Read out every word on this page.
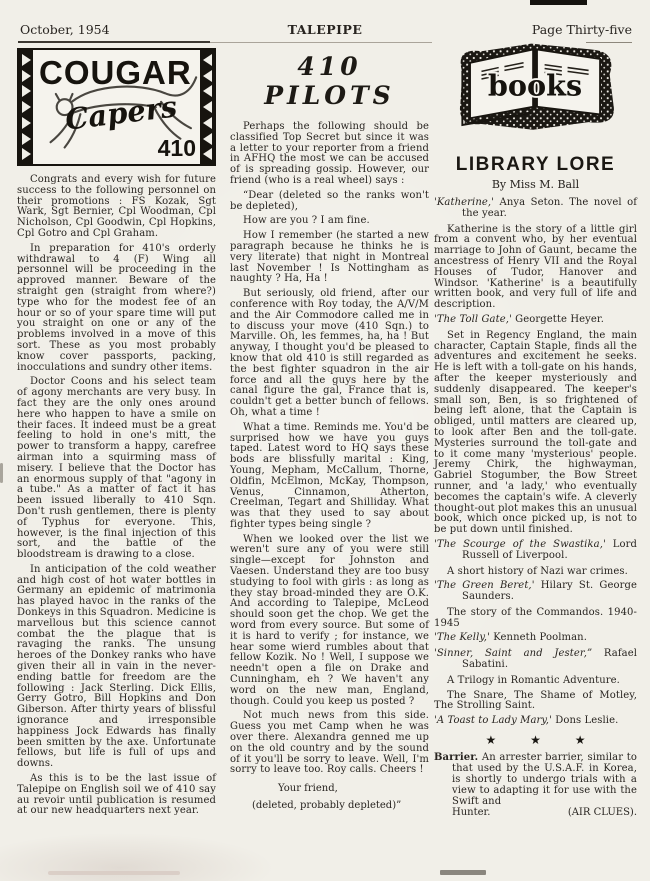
October, 1954	TALEPIPE	Page Thirty-five
COUGAR
Capers
410

Congrats and every wish for future success to the following personnel on their promotions : FS Kozak, Sgt Wark, Sgt Bernier, Cpl Woodman, Cpl Nicholson, Cpl Goodwin, Cpl Hopkins, Cpl Gotro and Cpl Graham.

In preparation for 410's orderly withdrawal to 4 (F) Wing all personnel will be proceeding in the approved manner. Beware of the straight gen (straight from where?) type who for the modest fee of an hour or so of your spare time will put you straight on one or any of the problems involved in a move of this sort. These as you most probably know cover passports, packing, inocculations and sundry other items.

Doctor Coons and his select team of agony merchants are very busy. In fact they are the only ones around here who happen to have a smile on their faces. It indeed must be a great feeling to hold in one's mitt, the power to transform a happy, carefree airman into a squirming mass of misery. I believe that the Doctor has an enormous supply of that "agony in a tube." As a matter of fact it has been issued liberally to 410 Sqn. Don't rush gentlemen, there is plenty of Typhus for everyone. This, however, is the final injection of this sort, and the battle of the bloodstream is drawing to a close.

In anticipation of the cold weather and high cost of hot water bottles in Germany an epidemic of matrimonia has played havoc in the ranks of the Donkeys in this Squadron. Medicine is marvellous but this science cannot combat the the plague that is ravaging the ranks. The unsung heroes of the Donkey ranks who have given their all in vain in the never-ending battle for freedom are the following : Jack Sterling. Dick Ellis, Gerry Gotro, Bill Hopkins and Don Giberson. After thirty years of blissful ignorance and irresponsible happiness Jock Edwards has finally been smitten by the axe. Unfortunate fellows, but life is full of ups and downs.

As this is to be the last issue of Talepipe on English soil we of 410 say au revoir until publication is resumed at our new headquarters next year.

410 PILOTS

Perhaps the following should be classified Top Secret but since it was a letter to your reporter from a friend in AFHQ the most we can be accused of is spreading gossip. However, our friend (who is a real wheel) says :

“Dear (deleted so the ranks won't be depleted),

How are you ? I am fine.

How I remember (he started a new paragraph because he thinks he is very literate) that night in Montreal last November ! Is Nottingham as naughty ? Ha, Ha !

But seriously, old friend, after our conference with Roy today, the A/V/M and the Air Commodore called me in to discuss your move (410 Sqn.) to Marville. Oh, les femmes, ha, ha ! But anyway, I thought you'd be pleased to know that old 410 is still regarded as the best fighter squadron in the air force and all the guys here by the canal figure the gal, France that is, couldn't get a better bunch of fellows. Oh, what a time !

What a time. Reminds me. You'd be surprised how we have you guys taped. Latest word to HQ says these bods are blissfully marital : King, Young, Mepham, McCallum, Thorne, Oldfin, McElmon, McKay, Thompson, Venus, Cinnamon, Atherton, Creelman, Tegart and Shilliday. What was that they used to say about fighter types being single ?

When we looked over the list we weren't sure any of you were still single—except for Johnston and Vaesen. Understand they are too busy studying to fool with girls : as long as they stay broad-minded they are O.K. And according to Talepipe, McLeod should soon get the chop. We get the word from every source. But some of it is hard to verify ; for instance, we hear some wierd rumbles about that fellow Kozik. No ! Well, I suppose we needn't open a file on Drake and Cunningham, eh ? We haven't any word on the new man, England, though. Could you keep us posted ?

Not much news from this side. Guess you met Camp when he was over there. Alexandra genned me up on the old country and by the sound of it you'll be sorry to leave. Well, I'm sorry to leave too. Roy calls. Cheers !

Your friend,
(deleted, probably depleted)”
books
LIBRARY LORE
By Miss M. Ball

'Katherine,' Anya Seton. The novel of the year.

Katherine is the story of a little girl from a convent who, by her eventual marriage to John of Gaunt, became the ancestress of Henry VII and the Royal Houses of Tudor, Hanover and Windsor. 'Katherine' is a beautifully written book, and very full of life and description.

'The Toll Gate,' Georgette Heyer.

Set in Regency England, the main character, Captain Staple, finds all the adventures and excitement he seeks. He is left with a toll-gate on his hands, after the keeper mysteriously and suddenly disappeared. The keeper's small son, Ben, is so frightened of being left alone, that the Captain is obliged, until matters are cleared up, to look after Ben and the toll-gate. Mysteries surround the toll-gate and to it come many 'mysterious' people. Jeremy Chirk, the highwayman, Gabriel Stogumber, the Bow Street runner, and 'a lady,' who eventually becomes the captain's wife. A cleverly thought-out plot makes this an unusual book, which once picked up, is not to be put down until finished.

'The Scourge of the Swastika,' Lord Russell of Liverpool.

A short history of Nazi war crimes.

'The Green Beret,' Hilary St. George Saunders.

The story of the Commandos. 1940-1945

'The Kelly,' Kenneth Poolman.

'Sinner, Saint and Jester,” Rafael Sabatini.

A Trilogy in Romantic Adventure.

The Snare, The Shame of Motley, The Strolling Saint.

'A Toast to Lady Mary,' Dons Leslie.

★ ★ ★

Barrier. An arrester barrier, similar to that used by the U.S.A.F. in Korea, is shortly to undergo trials with a view to adapting it for use with the Swift and

Hunter.	(AIR CLUES).
